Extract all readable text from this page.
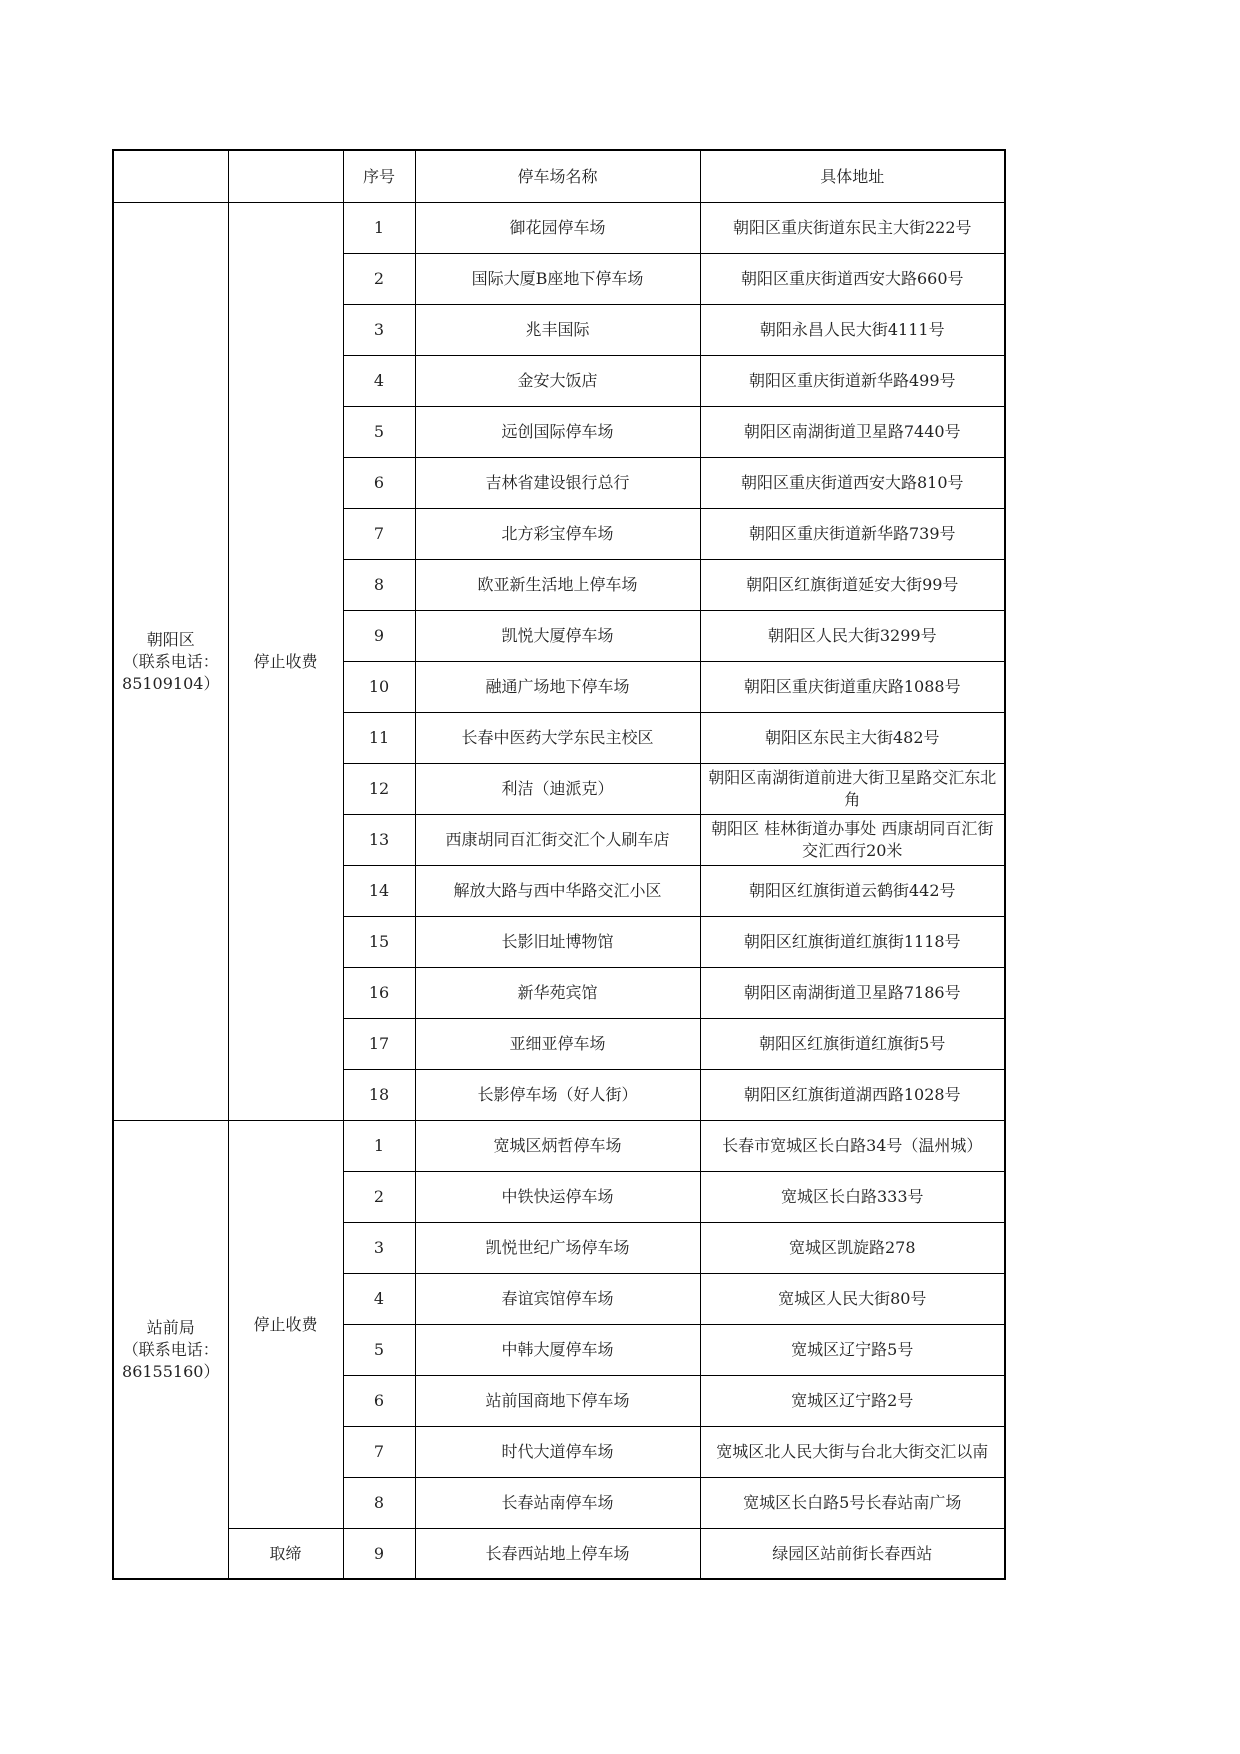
		序号	停车场名称	具体地址

朝阳区
（联系电话：
85109104）	停止收费	1	御花园停车场	朝阳区重庆街道东民主大街222号
		2	国际大厦B座地下停车场	朝阳区重庆街道西安大路660号
		3	兆丰国际	朝阳永昌人民大街4111号
		4	金安大饭店	朝阳区重庆街道新华路499号
		5	远创国际停车场	朝阳区南湖街道卫星路7440号
		6	吉林省建设银行总行	朝阳区重庆街道西安大路810号
		7	北方彩宝停车场	朝阳区重庆街道新华路739号
		8	欧亚新生活地上停车场	朝阳区红旗街道延安大街99号
		9	凯悦大厦停车场	朝阳区人民大街3299号
		10	融通广场地下停车场	朝阳区重庆街道重庆路1088号
		11	长春中医药大学东民主校区	朝阳区东民主大街482号
		12	利洁（迪派克）	朝阳区南湖街道前进大街卫星路交汇东北角
		13	西康胡同百汇街交汇个人刷车店	朝阳区 桂林街道办事处 西康胡同百汇街交汇西行20米
		14	解放大路与西中华路交汇小区	朝阳区红旗街道云鹤街442号
		15	长影旧址博物馆	朝阳区红旗街道红旗街1118号
		16	新华苑宾馆	朝阳区南湖街道卫星路7186号
		17	亚细亚停车场	朝阳区红旗街道红旗街5号
		18	长影停车场（好人街）	朝阳区红旗街道湖西路1028号

站前局
（联系电话：
86155160）	停止收费	1	宽城区炳哲停车场	长春市宽城区长白路34号（温州城）
		2	中铁快运停车场	宽城区长白路333号
		3	凯悦世纪广场停车场	宽城区凯旋路278
		4	春谊宾馆停车场	宽城区人民大街80号
		5	中韩大厦停车场	宽城区辽宁路5号
		6	站前国商地下停车场	宽城区辽宁路2号
		7	时代大道停车场	宽城区北人民大街与台北大街交汇以南
		8	长春站南停车场	宽城区长白路5号长春站南广场
	取缔	9	长春西站地上停车场	绿园区站前街长春西站
